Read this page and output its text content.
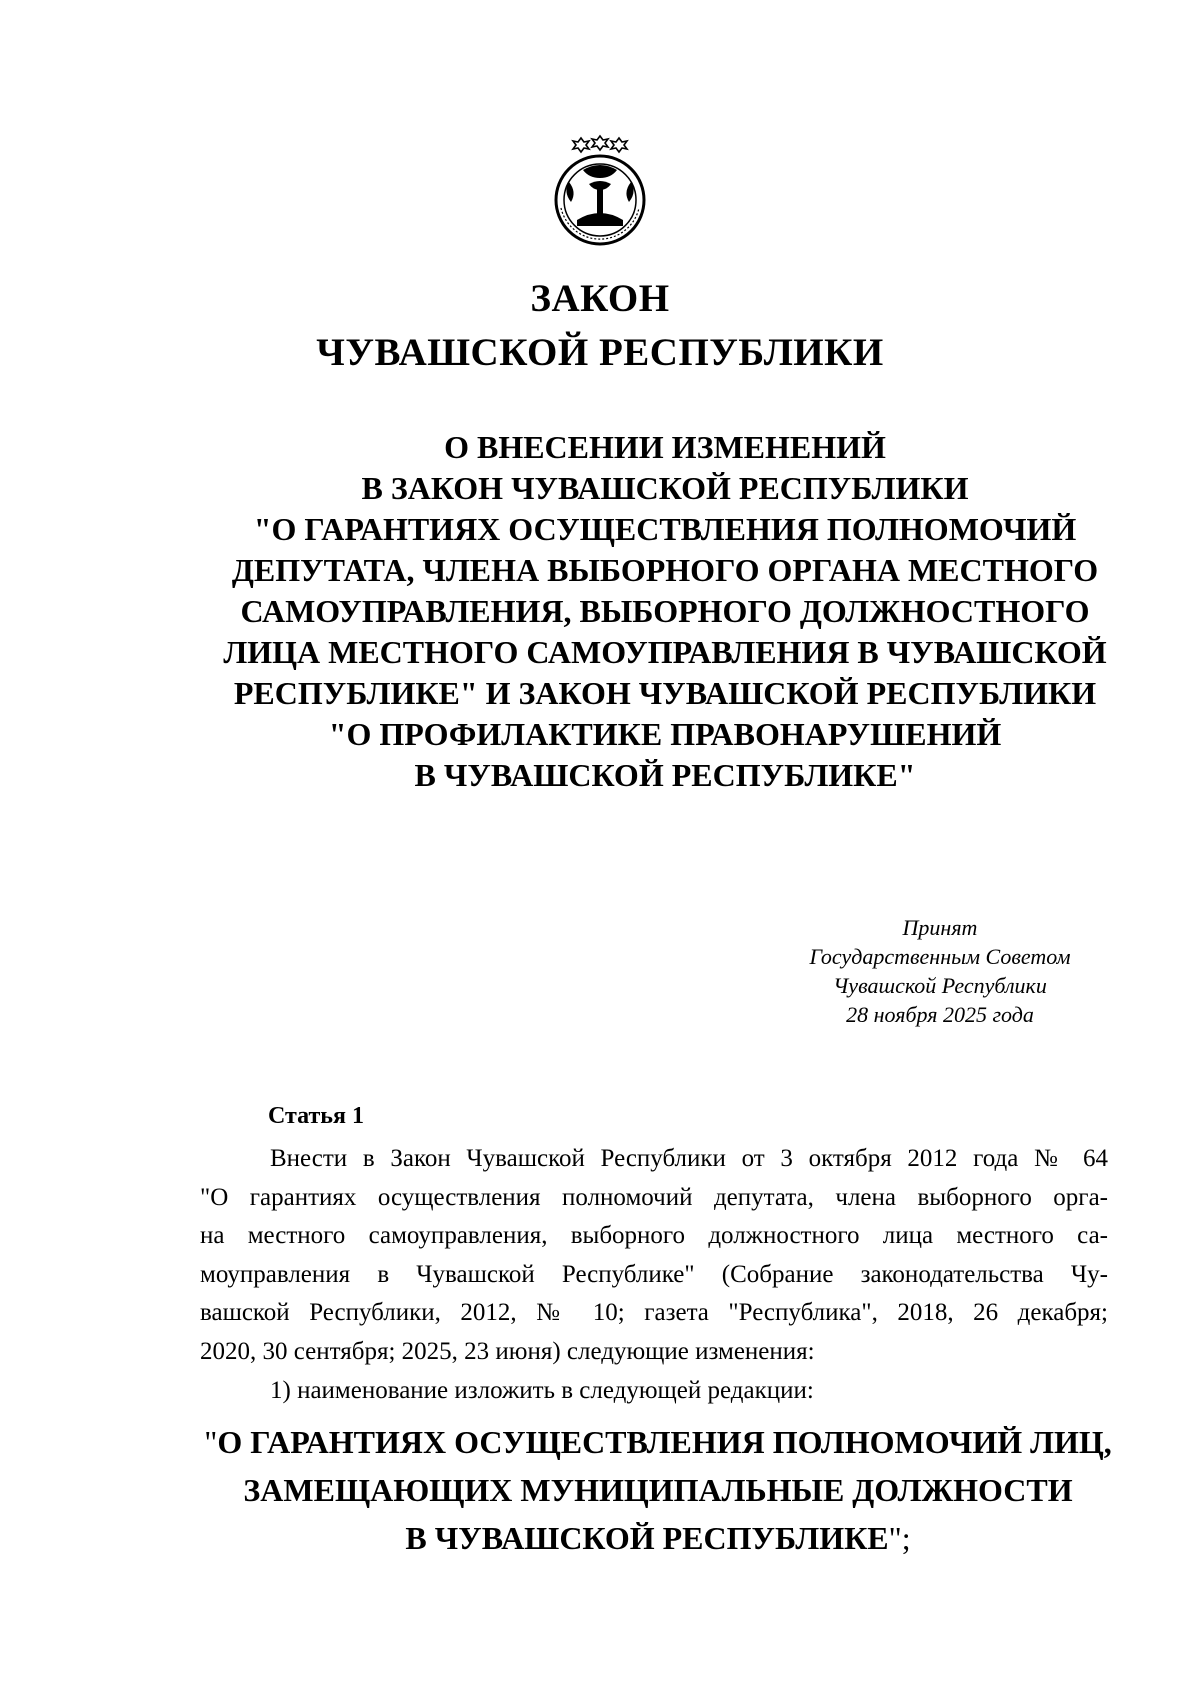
ЗАКОН
ЧУВАШСКОЙ РЕСПУБЛИКИ
О ВНЕСЕНИИ ИЗМЕНЕНИЙ
В ЗАКОН ЧУВАШСКОЙ РЕСПУБЛИКИ
"О ГАРАНТИЯХ ОСУЩЕСТВЛЕНИЯ ПОЛНОМОЧИЙ
ДЕПУТАТА, ЧЛЕНА ВЫБОРНОГО ОРГАНА МЕСТНОГО
САМОУПРАВЛЕНИЯ, ВЫБОРНОГО ДОЛЖНОСТНОГО
ЛИЦА МЕСТНОГО САМОУПРАВЛЕНИЯ В ЧУВАШСКОЙ
РЕСПУБЛИКЕ" И ЗАКОН ЧУВАШСКОЙ РЕСПУБЛИКИ
"О ПРОФИЛАКТИКЕ ПРАВОНАРУШЕНИЙ
В ЧУВАШСКОЙ РЕСПУБЛИКЕ"
Принят
Государственным Советом
Чувашской Республики
28 ноября 2025 года
Статья 1
Внести в Закон Чувашской Республики от 3 октября 2012 года № 64
"О гарантиях осуществления полномочий депутата, члена выборного орга-
на местного самоуправления, выборного должностного лица местного са-
моуправления в Чувашской Республике" (Собрание законодательства Чу-
вашской Республики, 2012, № 10; газета "Республика", 2018, 26 декабря;
2020, 30 сентября; 2025, 23 июня) следующие изменения:
1) наименование изложить в следующей редакции:
"О ГАРАНТИЯХ ОСУЩЕСТВЛЕНИЯ ПОЛНОМОЧИЙ ЛИЦ,
ЗАМЕЩАЮЩИХ МУНИЦИПАЛЬНЫЕ ДОЛЖНОСТИ
В ЧУВАШСКОЙ РЕСПУБЛИКЕ";
